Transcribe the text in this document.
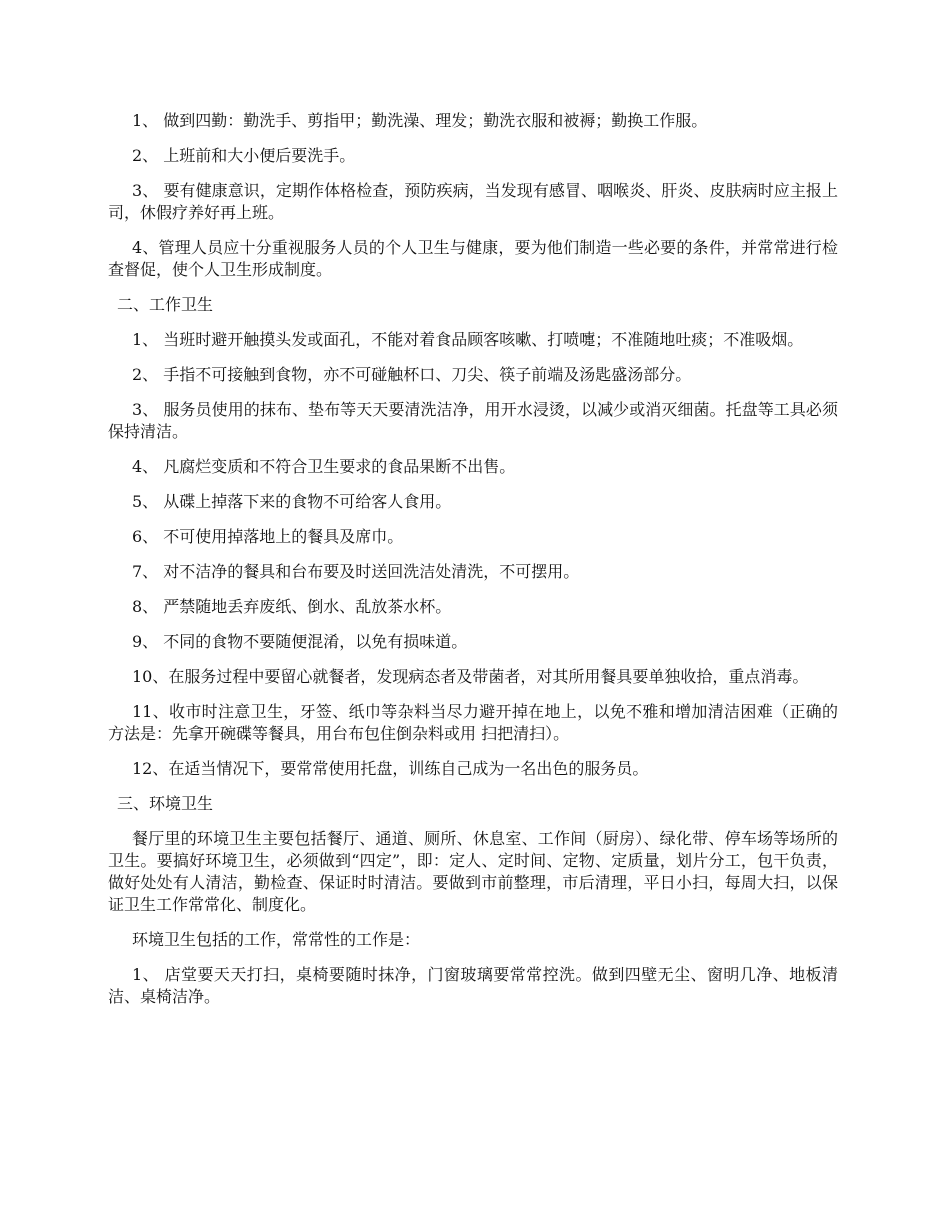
1、 做到四勤：勤洗手、剪指甲；勤洗澡、理发；勤洗衣服和被褥；勤换工作服。

2、 上班前和大小便后要洗手。

3、 要有健康意识，定期作体格检查，预防疾病，当发现有感冒、咽喉炎、肝炎、皮肤病时应主报上司，休假疗养好再上班。

4、管理人员应十分重视服务人员的个人卫生与健康，要为他们制造一些必要的条件，并常常进行检查督促，使个人卫生形成制度。

二、工作卫生

1、 当班时避开触摸头发或面孔，不能对着食品顾客咳嗽、打喷嚏；不准随地吐痰；不准吸烟。

2、 手指不可接触到食物，亦不可碰触杯口、刀尖、筷子前端及汤匙盛汤部分。

3、 服务员使用的抹布、垫布等天天要清洗洁净，用开水浸烫，以减少或消灭细菌。托盘等工具必须保持清洁。

4、 凡腐烂变质和不符合卫生要求的食品果断不出售。

5、 从碟上掉落下来的食物不可给客人食用。

6、 不可使用掉落地上的餐具及席巾。

7、 对不洁净的餐具和台布要及时送回洗洁处清洗，不可摆用。

8、 严禁随地丢弃废纸、倒水、乱放茶水杯。

9、 不同的食物不要随便混淆，以免有损味道。

10、在服务过程中要留心就餐者，发现病态者及带菌者，对其所用餐具要单独收拾，重点消毒。

11、收市时注意卫生，牙签、纸巾等杂料当尽力避开掉在地上，以免不雅和增加清洁困难（正确的方法是：先拿开碗碟等餐具，用台布包住倒杂料或用 扫把清扫）。

12、在适当情况下，要常常使用托盘，训练自己成为一名出色的服务员。

三、环境卫生

餐厅里的环境卫生主要包括餐厅、通道、厕所、休息室、工作间（厨房）、绿化带、停车场等场所的卫生。要搞好环境卫生，必须做到“四定”，即：定人、定时间、定物、定质量，划片分工，包干负责，做好处处有人清洁，勤检查、保证时时清洁。要做到市前整理，市后清理，平日小扫，每周大扫，以保证卫生工作常常化、制度化。

环境卫生包括的工作，常常性的工作是：

1、 店堂要天天打扫，桌椅要随时抹净，门窗玻璃要常常控洗。做到四壁无尘、窗明几净、地板清洁、桌椅洁净。
